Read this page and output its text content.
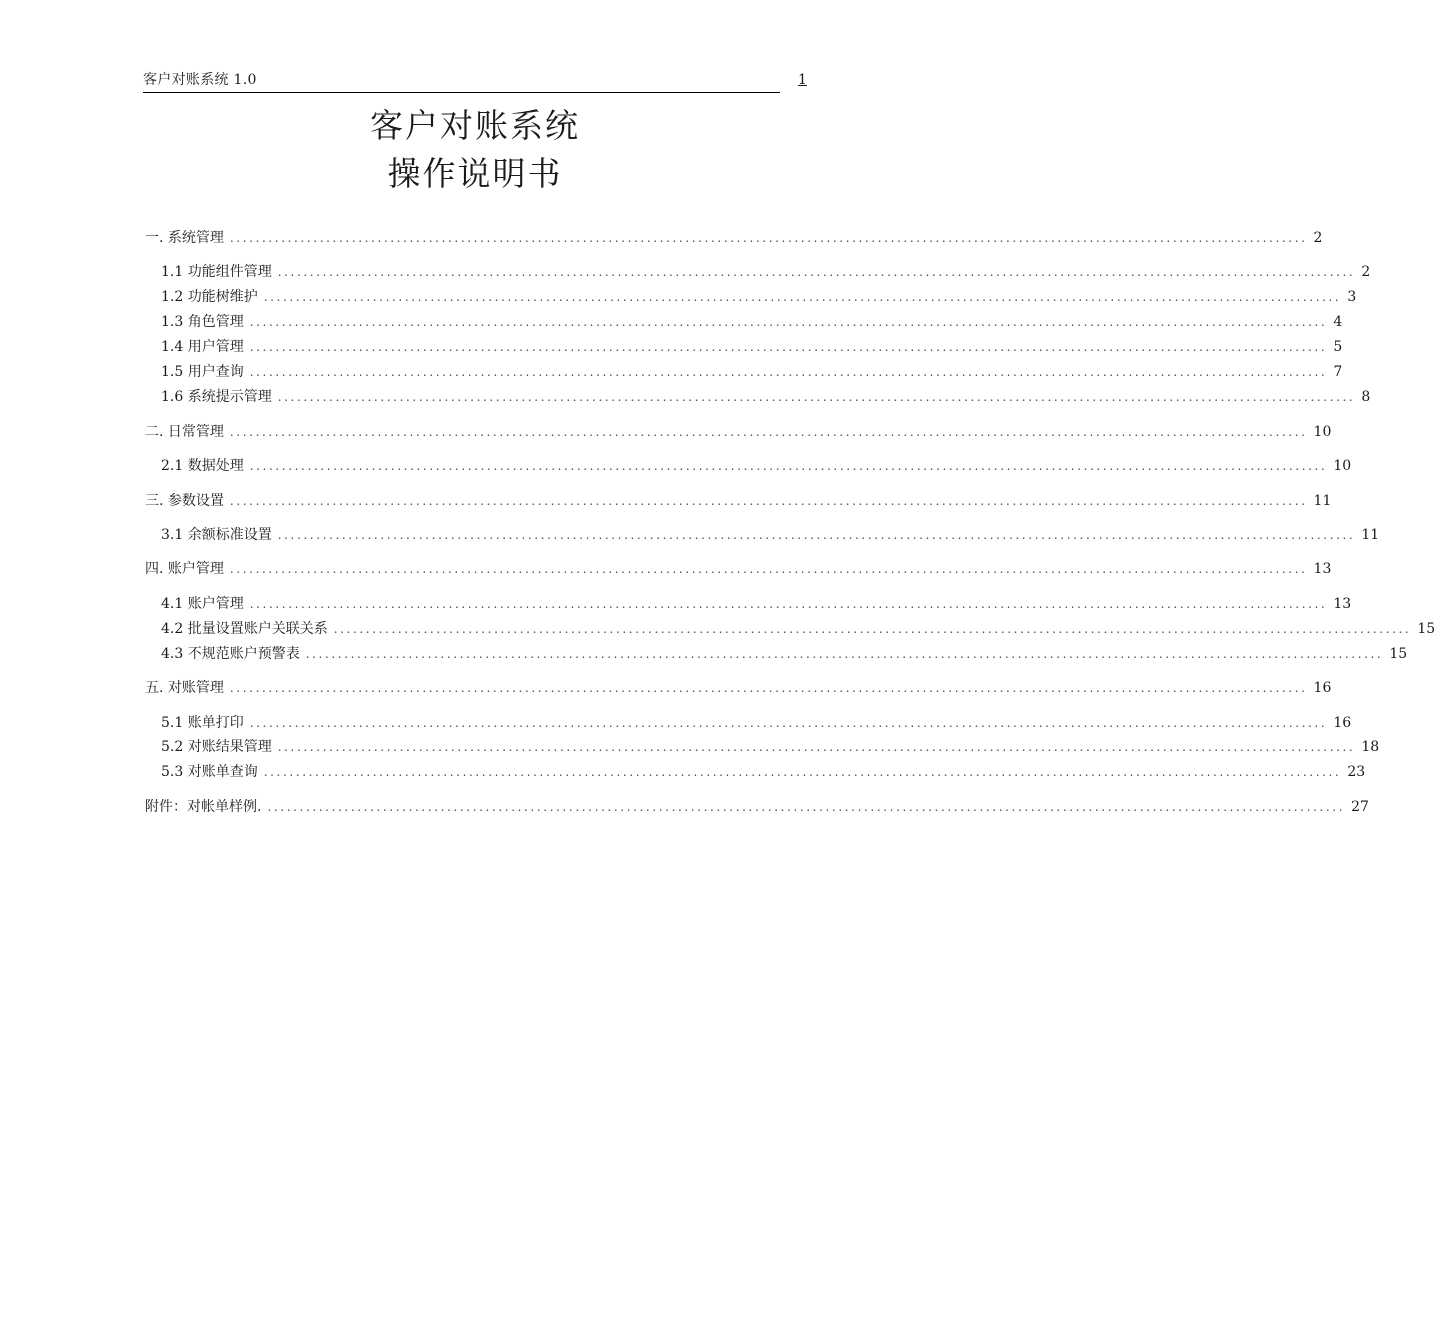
客户对账系统 1.0	1
客户对账系统
操作说明书
一. 系统管理 ........................................................................................................................................................................ 2
1.1 功能组件管理 ........................................................................................................................................................................ 2
1.2 功能树维护 ........................................................................................................................................................................ 3
1.3 角色管理 ........................................................................................................................................................................ 4
1.4 用户管理 ........................................................................................................................................................................ 5
1.5 用户查询 ........................................................................................................................................................................ 7
1.6 系统提示管理 ........................................................................................................................................................................ 8
二. 日常管理 ........................................................................................................................................................................ 10
2.1 数据处理 ........................................................................................................................................................................ 10
三. 参数设置 ........................................................................................................................................................................ 11
3.1 余额标准设置 ........................................................................................................................................................................ 11
四. 账户管理 ........................................................................................................................................................................ 13
4.1 账户管理 ........................................................................................................................................................................ 13
4.2 批量设置账户关联关系 ........................................................................................................................................................................ 15
4.3 不规范账户预警表 ........................................................................................................................................................................ 15
五. 对账管理 ........................................................................................................................................................................ 16
5.1 账单打印 ........................................................................................................................................................................ 16
5.2 对账结果管理 ........................................................................................................................................................................ 18
5.3 对账单查询 ........................................................................................................................................................................ 23
附件：对帐单样例. ........................................................................................................................................................................ 27
